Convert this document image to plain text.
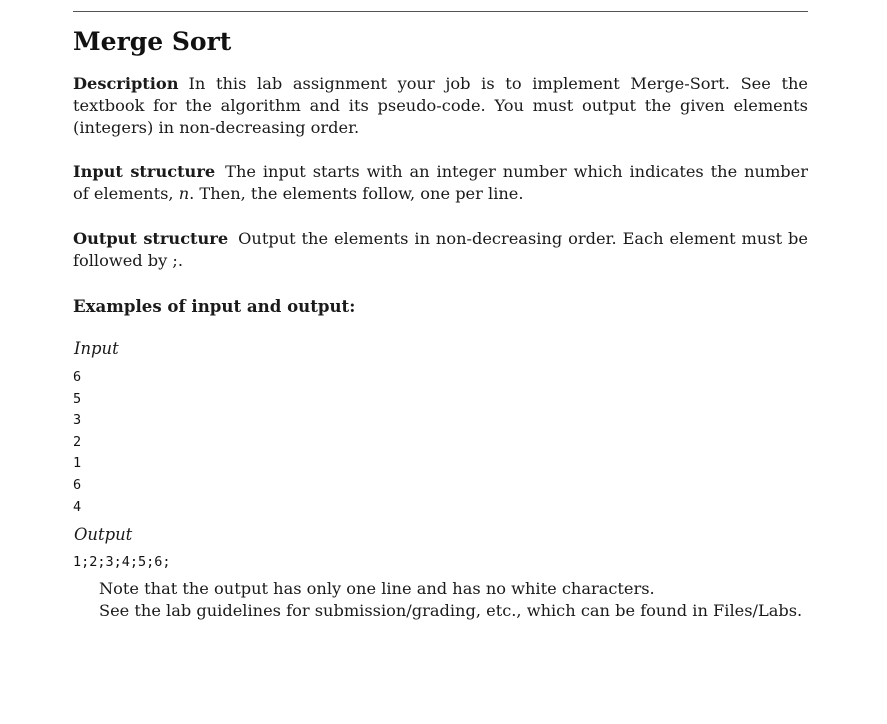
Merge Sort

Description In this lab assignment your job is to implement Merge-Sort. See the textbook for the algorithm and its pseudo-code. You must output the given elements (integers) in non-decreasing order.

Input structure The input starts with an integer number which indicates the number of elements, n. Then, the elements follow, one per line.

Output structure Output the elements in non-decreasing order. Each element must be followed by ;.

Examples of input and output:

Input

6
5
3
2
1
6
4

Output

1;2;3;4;5;6;

Note that the output has only one line and has no white characters.

See the lab guidelines for submission/grading, etc., which can be found in Files/Labs.
